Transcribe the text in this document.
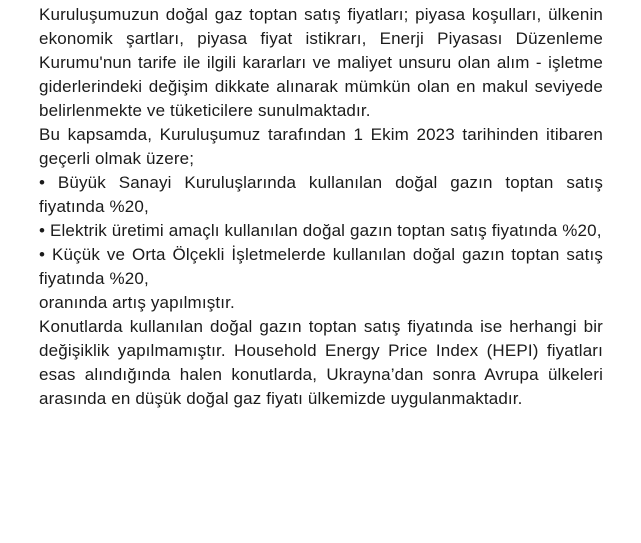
Kuruluşumuzun doğal gaz toptan satış fiyatları; piyasa koşulları, ülkenin ekonomik şartları, piyasa fiyat istikrarı, Enerji Piyasası Düzenleme Kurumu'nun tarife ile ilgili kararları ve maliyet unsuru olan alım - işletme giderlerindeki değişim dikkate alınarak mümkün olan en makul seviyede belirlenmekte ve tüketicilere sunulmaktadır.

Bu kapsamda, Kuruluşumuz tarafından 1 Ekim 2023 tarihinden itibaren geçerli olmak üzere;

• Büyük Sanayi Kuruluşlarında kullanılan doğal gazın toptan satış fiyatında %20,

• Elektrik üretimi amaçlı kullanılan doğal gazın toptan satış fiyatında %20,

• Küçük ve Orta Ölçekli İşletmelerde kullanılan doğal gazın toptan satış fiyatında %20,

oranında artış yapılmıştır.

Konutlarda kullanılan doğal gazın toptan satış fiyatında ise herhangi bir değişiklik yapılmamıştır. Household Energy Price Index (HEPI) fiyatları esas alındığında halen konutlarda, Ukrayna’dan sonra Avrupa ülkeleri arasında en düşük doğal gaz fiyatı ülkemizde uygulanmaktadır.
